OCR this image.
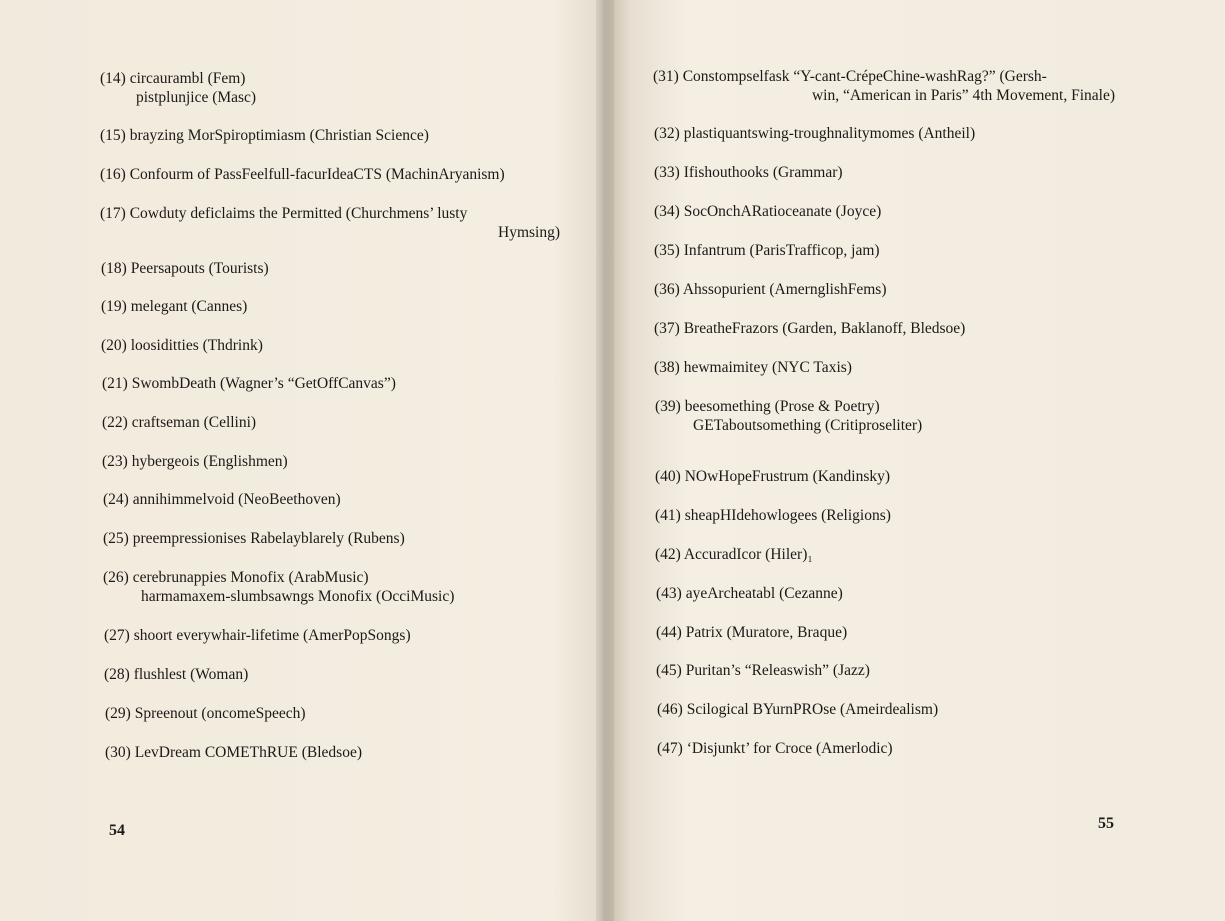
(14) circaurambl (Fem)
pistplunjice (Masc)
(15) brayzing MorSpiroptimiasm (Christian Science)
(16) Confourm of PassFeelfull-facurIdeaCTS (MachinAryanism)
(17) Cowduty deficlaims the Permitted (Churchmens’ lusty
Hymsing)
(18) Peersapouts (Tourists)
(19) melegant (Cannes)
(20) loosiditties (Thdrink)
(21) SwombDeath (Wagner’s “GetOffCanvas”)
(22) craftseman (Cellini)
(23) hybergeois (Englishmen)
(24) annihimmelvoid (NeoBeethoven)
(25) preempressionises Rabelayblarely (Rubens)
(26) cerebrunappies Monofix (ArabMusic)
harmamaxem-slumbsawngs Monofix (OcciMusic)
(27) shoort everywhair-lifetime (AmerPopSongs)
(28) flushlest (Woman)
(29) Spreenout (oncomeSpeech)
(30) LevDream COMEThRUE (Bledsoe)
54
(31) Constompselfask “Y-cant-CrépeChine-washRag?” (Gersh-
win, “American in Paris” 4th Movement, Finale)
(32) plastiquantswing-troughnalitymomes (Antheil)
(33) Ifishouthooks (Grammar)
(34) SocOnchARatioceanate (Joyce)
(35) Infantrum (ParisTrafficop, jam)
(36) Ahssopurient (AmernglishFems)
(37) BreatheFrazors (Garden, Baklanoff, Bledsoe)
(38) hewmaimitey (NYC Taxis)
(39) beesomething (Prose & Poetry)
GETaboutsomething (Critiproseliter)
(40) NOwHopeFrustrum (Kandinsky)
(41) sheapHIdehowlogees (Religions)
(42) AccuradIcor (Hiler)₁
(43) ayeArcheatabl (Cezanne)
(44) Patrix (Muratore, Braque)
(45) Puritan’s “Releaswish” (Jazz)
(46) Scilogical BYurnPROse (Ameirdealism)
(47) ‘Disjunkt’ for Croce (Amerlodic)
55
